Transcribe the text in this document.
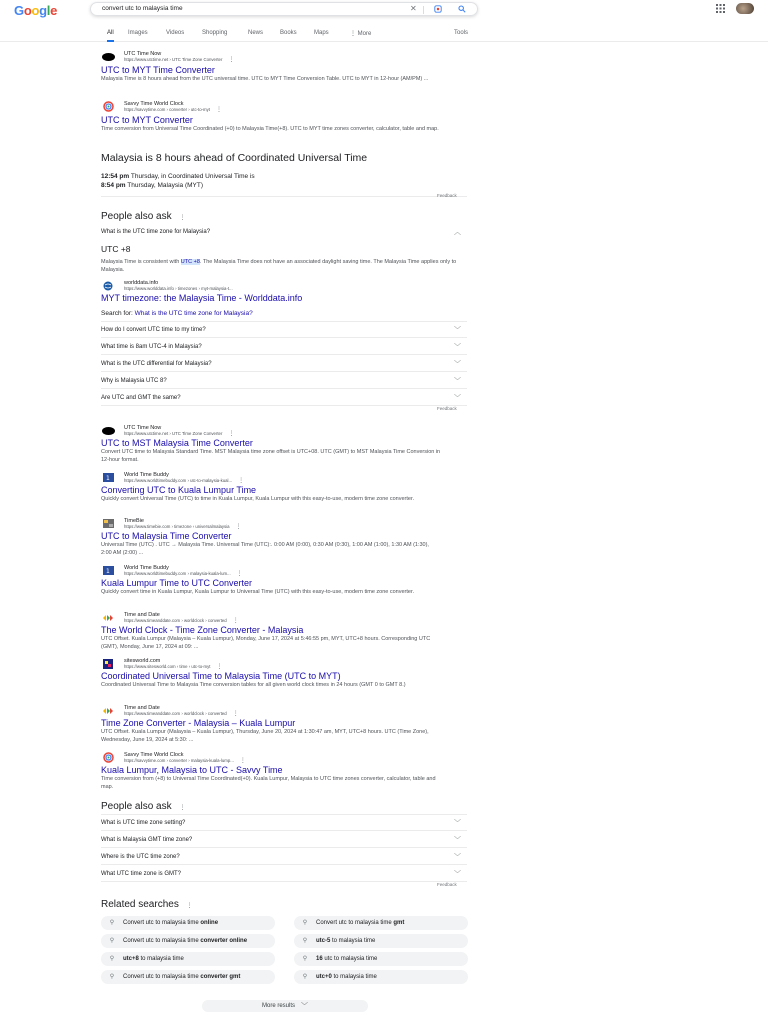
Google	convert utc to malaysia time	✕
All Images	Videos	Shopping	News	Books	Maps	⋮ More	Tools
UTC Time Now
https://www.utctime.net › UTC Time Zone Converter ⋮
UTC to MYT Time Converter
Malaysia Time is 8 hours ahead from the UTC universal time. UTC to MYT Time Conversion Table. UTC to MYT in 12-hour (AM/PM) ...
Savvy Time World Clock
https://savvytime.com › converter › utc-to-myt ⋮
UTC to MYT Converter
Time conversion from Universal Time Coordinated (+0) to Malaysia Time(+8). UTC to MYT time zones converter, calculator, table and map.
Malaysia is 8 hours ahead of Coordinated Universal Time
12:54 pm Thursday, in Coordinated Universal Time is
8:54 pm Thursday, Malaysia (MYT)
Feedback
People also ask ⋮
What is the UTC time zone for Malaysia?	︿
UTC +8
Malaysia Time is consistent with UTC +8. The Malaysia Time does not have an associated daylight saving time. The Malaysia Time applies only to Malaysia.
worlddata.info
https://www.worlddata.info › timezones › myt-malaysia-t...
MYT timezone: the Malaysia Time - Worlddata.info
Search for: What is the UTC time zone for Malaysia?
How do I convert UTC time to my time?	﹀
What time is 8am UTC-4 in Malaysia?	﹀
What is the UTC differential for Malaysia?	﹀
Why is Malaysia UTC 8?	﹀
Are UTC and GMT the same?	﹀
Feedback
UTC Time Now
https://www.utctime.net › UTC Time Zone Converter ⋮
UTC to MST Malaysia Time Converter
Convert UTC time to Malaysia Standard Time. MST Malaysia time zone offset is UTC+08. UTC (GMT) to MST Malaysia Time Conversion in 12-hour format.
1
World Time Buddy
https://www.worldtimebuddy.com › utc-to-malaysia-kual... ⋮
Converting UTC to Kuala Lumpur Time
Quickly convert Universal Time (UTC) to time in Kuala Lumpur, Kuala Lumpur with this easy-to-use, modern time zone converter.
TimeBie
https://www.timebie.com › timezone › universalmalaysia ⋮
UTC to Malaysia Time Converter
Universal Time (UTC) . UTC → Malaysia Time. Universal Time (UTC):. 0:00 AM (0:00), 0:30 AM (0:30), 1:00 AM (1:00), 1:30 AM (1:30), 2:00 AM (2:00) ...
1
World Time Buddy
https://www.worldtimebuddy.com › malaysia-kuala-lum... ⋮
Kuala Lumpur Time to UTC Converter
Quickly convert time in Kuala Lumpur, Kuala Lumpur to Universal Time (UTC) with this easy-to-use, modern time zone converter.
Time and Date
https://www.timeanddate.com › worldclock › converted ⋮
The World Clock - Time Zone Converter - Malaysia
UTC Offset. Kuala Lumpur (Malaysia – Kuala Lumpur), Monday, June 17, 2024 at 5:46:55 pm, MYT, UTC+8 hours. Corresponding UTC (GMT), Monday, June 17, 2024 at 09: ...
sitesworld.com
https://www.sitesworld.com › time › utc-to-myt ⋮
Coordinated Universal Time to Malaysia Time (UTC to MYT)
Coordinated Universal Time to Malaysia Time conversion tables for all given world clock times in 24 hours (GMT 0 to GMT 8.)
Time and Date
https://www.timeanddate.com › worldclock › converted ⋮
Time Zone Converter - Malaysia – Kuala Lumpur
UTC Offset. Kuala Lumpur (Malaysia – Kuala Lumpur), Thursday, June 20, 2024 at 1:30:47 am, MYT, UTC+8 hours. UTC (Time Zone), Wednesday, June 19, 2024 at 5:30: ...
Savvy Time World Clock
https://savvytime.com › converter › malaysia-kuala-lump... ⋮
Kuala Lumpur, Malaysia to UTC - Savvy Time
Time conversion from (+8) to Universal Time Coordinated(+0). Kuala Lumpur, Malaysia to UTC time zones converter, calculator, table and map.
People also ask ⋮
What is UTC time zone setting?	﹀
What is Malaysia GMT time zone?	﹀
Where is the UTC time zone?	﹀
What UTC time zone is GMT?	﹀
Feedback
Related searches ⋮
⚲	Convert utc to malaysia time online	⚲	Convert utc to malaysia time gmt
⚲	Convert utc to malaysia time converter online	⚲	utc-5 to malaysia time
⚲	utc+8 to malaysia time	⚲	16 utc to malaysia time
⚲	Convert utc to malaysia time converter gmt	⚲	utc+0 to malaysia time
More results ﹀
